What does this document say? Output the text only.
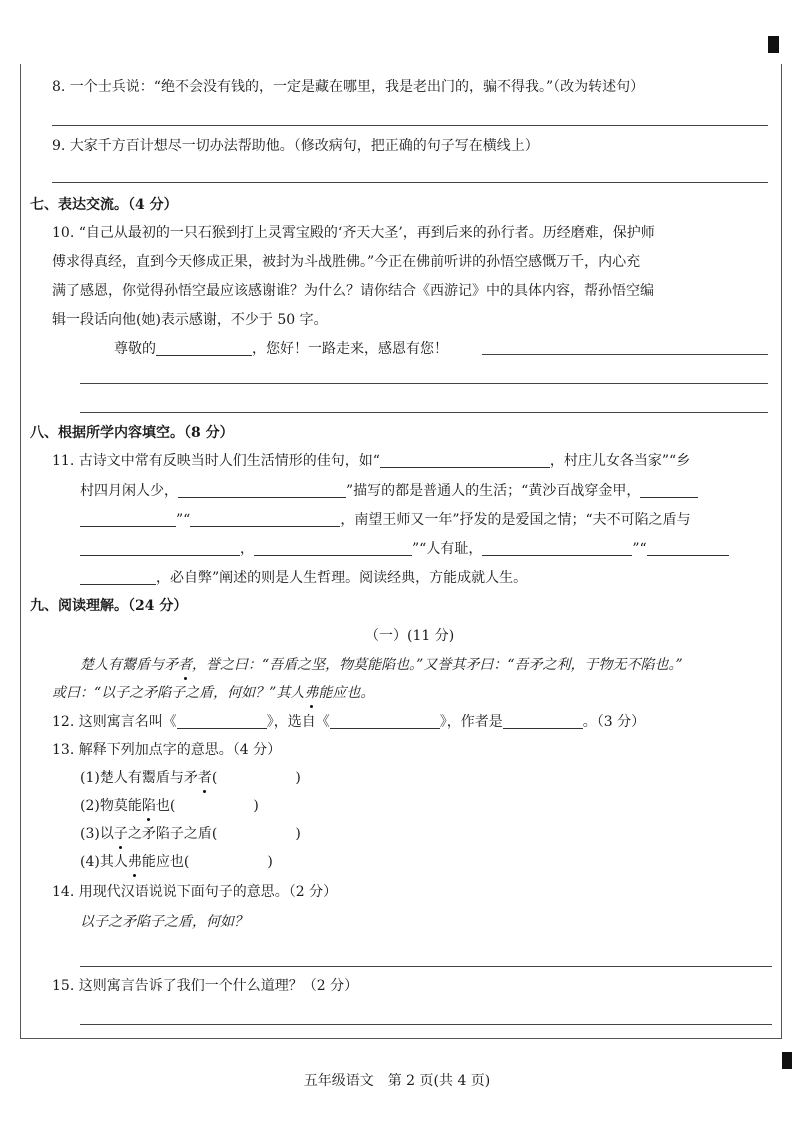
8. 一个士兵说：“绝不会没有钱的，一定是藏在哪里，我是老出门的，骗不得我。”（改为转述句）
9. 大家千方百计想尽一切办法帮助他。（修改病句，把正确的句子写在横线上）
七、表达交流。（4 分）
10. “自己从最初的一只石猴到打上灵霄宝殿的‘齐天大圣’，再到后来的孙行者。历经磨难，保护师
傅求得真经，直到今天修成正果，被封为斗战胜佛。”今正在佛前听讲的孙悟空感慨万千，内心充
满了感恩，你觉得孙悟空最应该感谢谁？为什么？请你结合《西游记》中的具体内容，帮孙悟空编
辑一段话向他(她)表示感谢，不少于 50 字。
尊敬的	，您好！一路走来，感恩有您！
八、根据所学内容填空。（8 分）
11. 古诗文中常有反映当时人们生活情形的佳句，如“	，村庄儿女各当家”“乡
村四月闲人少，	”描写的都是普通人的生活；“黄沙百战穿金甲，
”“	，南望王师又一年”抒发的是爱国之情；“夫不可陷之盾与
，	”“人有耻，	”“
，必自弊”阐述的则是人生哲理。阅读经典，方能成就人生。
九、阅读理解。（24 分）
（一）(11 分)
楚人有鬻盾与矛者，誉之曰：“吾盾之坚，物莫能陷也。”又誉其矛曰：“吾矛之利，于物无不陷也。”
或曰：“以子之矛陷子之盾，何如？”其人弗能应也。
12. 这则寓言名叫《	》，选自《	》，作者是	。（3 分）
13. 解释下列加点字的意思。（4 分）
(1)楚人有鬻盾与矛者(	)
(2)物莫能陷也(	)
(3)以子之矛陷子之盾(	)
(4)其人弗能应也(	)
14. 用现代汉语说说下面句子的意思。（2 分）
以子之矛陷子之盾，何如？
15. 这则寓言告诉了我们一个什么道理？（2 分）
五年级语文　第 2 页(共 4 页)
